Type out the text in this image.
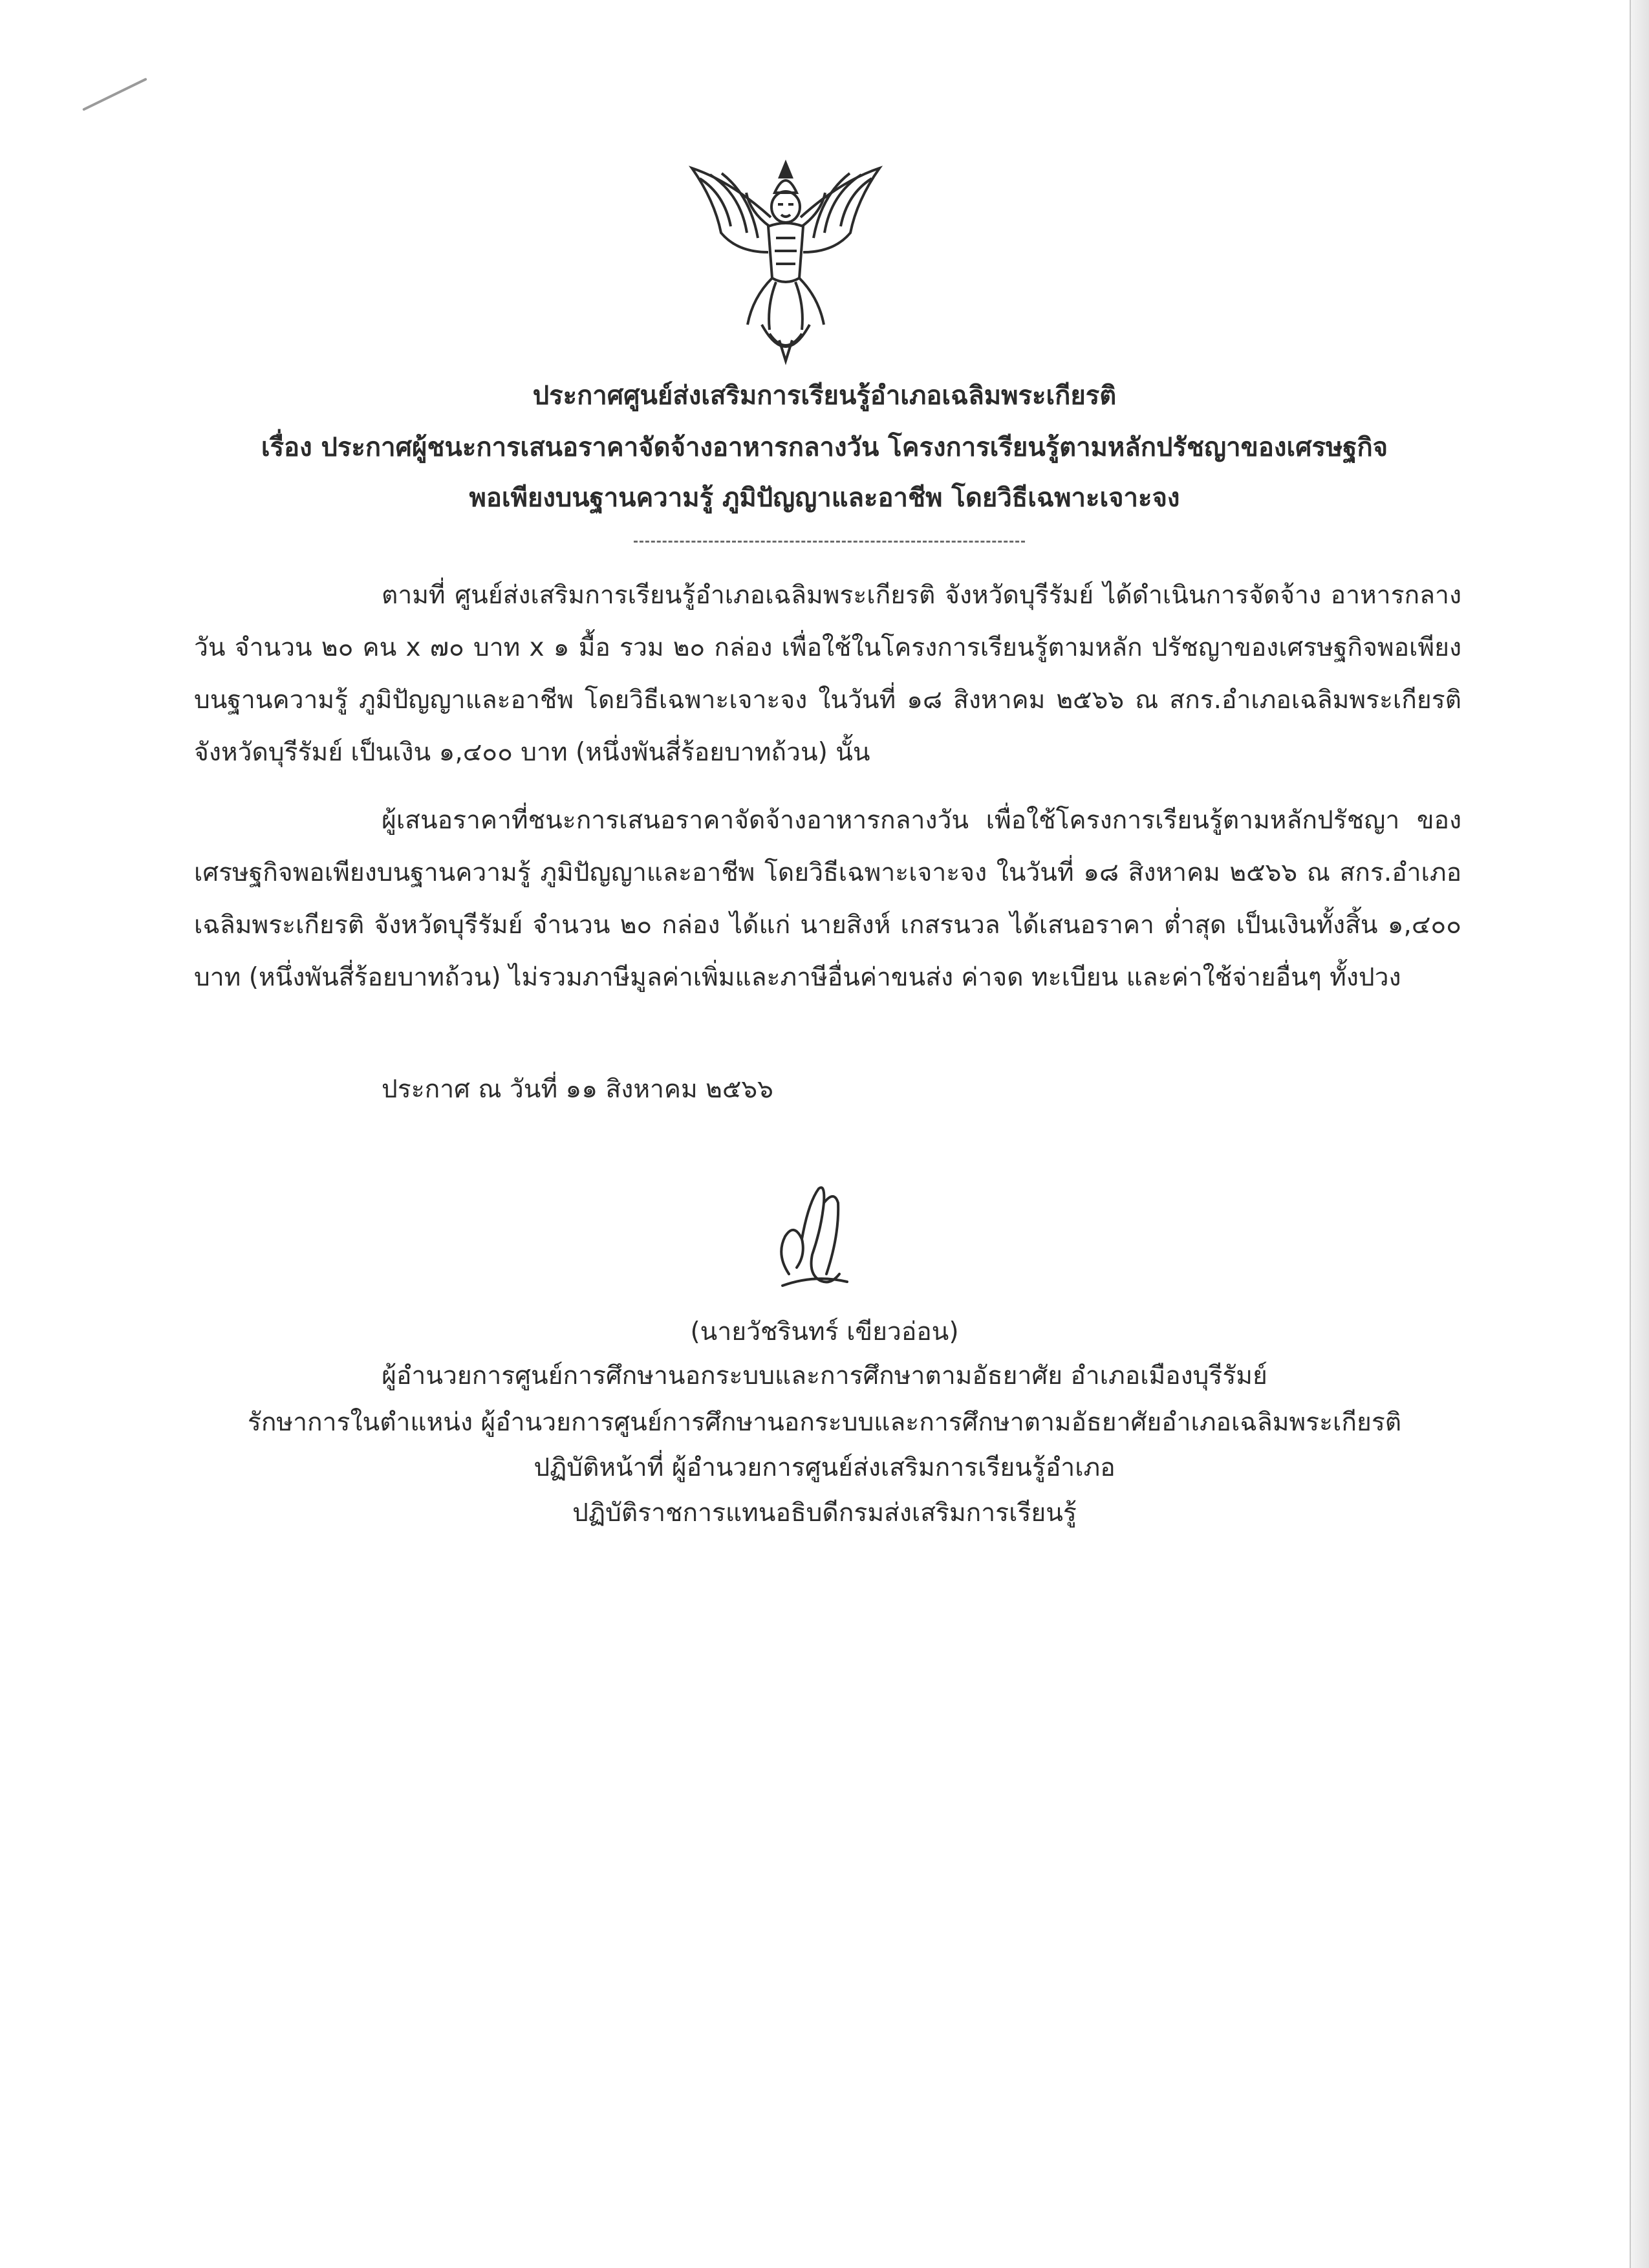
ประกาศศูนย์ส่งเสริมการเรียนรู้อำเภอเฉลิมพระเกียรติ
เรื่อง ประกาศผู้ชนะการเสนอราคาจัดจ้างอาหารกลางวัน โครงการเรียนรู้ตามหลักปรัชญาของเศรษฐกิจ
พอเพียงบนฐานความรู้ ภูมิปัญญาและอาชีพ โดยวิธีเฉพาะเจาะจง
ตามที่ ศูนย์ส่งเสริมการเรียนรู้อำเภอเฉลิมพระเกียรติ จังหวัดบุรีรัมย์ ได้ดำเนินการจัดจ้าง อาหารกลางวัน จำนวน ๒๐ คน x ๗๐ บาท x ๑ มื้อ รวม ๒๐ กล่อง เพื่อใช้ในโครงการเรียนรู้ตามหลัก ปรัชญาของเศรษฐกิจพอเพียงบนฐานความรู้ ภูมิปัญญาและอาชีพ โดยวิธีเฉพาะเจาะจง ในวันที่ ๑๘ สิงหาคม ๒๕๖๖ ณ สกร.อำเภอเฉลิมพระเกียรติ จังหวัดบุรีรัมย์ เป็นเงิน ๑,๔๐๐ บาท (หนึ่งพันสี่ร้อยบาทถ้วน) นั้น
ผู้เสนอราคาที่ชนะการเสนอราคาจัดจ้างอาหารกลางวัน เพื่อใช้โครงการเรียนรู้ตามหลักปรัชญา ของเศรษฐกิจพอเพียงบนฐานความรู้ ภูมิปัญญาและอาชีพ โดยวิธีเฉพาะเจาะจง ในวันที่ ๑๘ สิงหาคม ๒๕๖๖ ณ สกร.อำเภอเฉลิมพระเกียรติ จังหวัดบุรีรัมย์ จำนวน ๒๐ กล่อง ได้แก่ นายสิงห์ เกสรนวล ได้เสนอราคา ต่ำสุด เป็นเงินทั้งสิ้น ๑,๔๐๐ บาท (หนึ่งพันสี่ร้อยบาทถ้วน) ไม่รวมภาษีมูลค่าเพิ่มและภาษีอื่นค่าขนส่ง ค่าจด ทะเบียน และค่าใช้จ่ายอื่นๆ ทั้งปวง
ประกาศ ณ วันที่ ๑๑ สิงหาคม ๒๕๖๖
(นายวัชรินทร์ เขียวอ่อน)
ผู้อำนวยการศูนย์การศึกษานอกระบบและการศึกษาตามอัธยาศัย อำเภอเมืองบุรีรัมย์
รักษาการในตำแหน่ง ผู้อำนวยการศูนย์การศึกษานอกระบบและการศึกษาตามอัธยาศัยอำเภอเฉลิมพระเกียรติ
ปฏิบัติหน้าที่ ผู้อำนวยการศูนย์ส่งเสริมการเรียนรู้อำเภอ
ปฏิบัติราชการแทนอธิบดีกรมส่งเสริมการเรียนรู้
